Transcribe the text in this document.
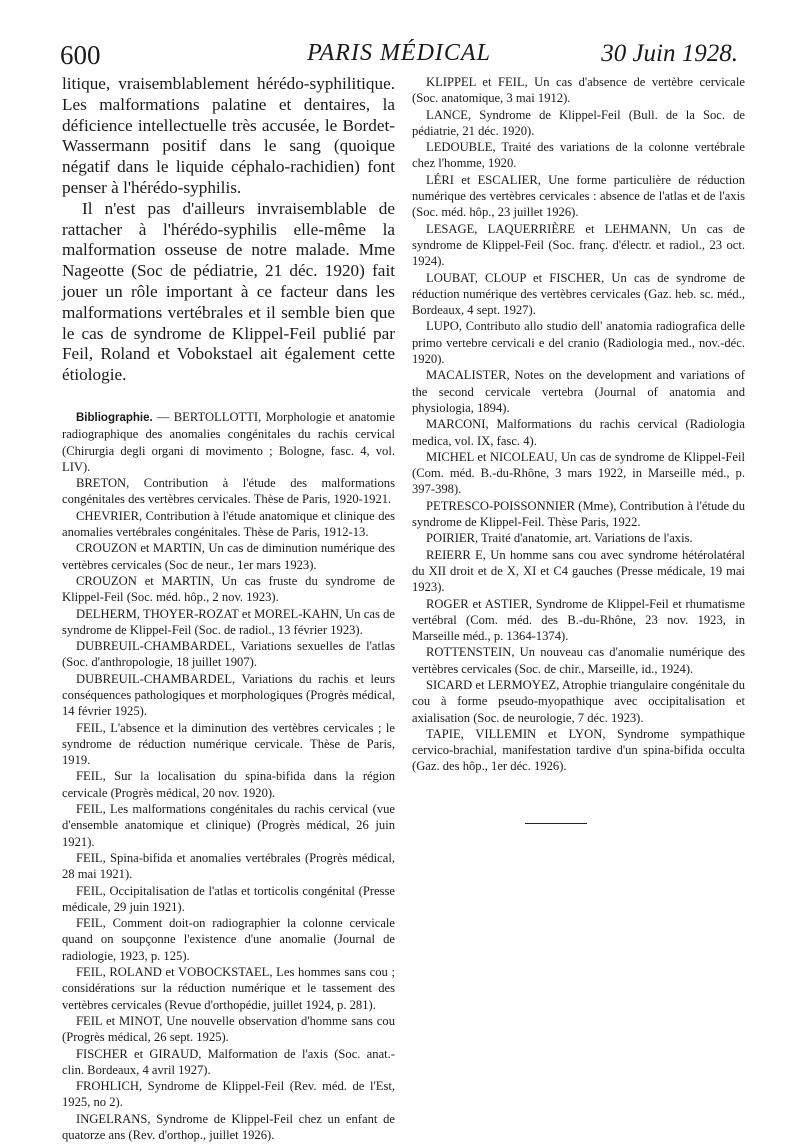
600	PARIS MÉDICAL	30 Juin 1928.

litique, vraisemblablement hérédo-syphilitique. Les malformations palatine et dentaires, la déficience intellectuelle très accusée, le Bordet-Wassermann positif dans le sang (quoique négatif dans le liquide céphalo-rachidien) font penser à l'hérédo-syphilis.

Il n'est pas d'ailleurs invraisemblable de rattacher à l'hérédo-syphilis elle-même la malformation osseuse de notre malade. Mme Nageotte (Soc de pédiatrie, 21 déc. 1920) fait jouer un rôle important à ce facteur dans les malformations vertébrales et il semble bien que le cas de syndrome de Klippel-Feil publié par Feil, Roland et Vobokstael ait également cette étiologie.

Bibliographie. — BERTOLLOTTI, Morphologie et anatomie radiographique des anomalies congénitales du rachis cervical (Chirurgia degli organi di movimento ; Bologne, fasc. 4, vol. LIV).

BRETON, Contribution à l'étude des malformations congénitales des vertèbres cervicales. Thèse de Paris, 1920-1921.

CHEVRIER, Contribution à l'étude anatomique et clinique des anomalies vertébrales congénitales. Thèse de Paris, 1912-13.

CROUZON et MARTIN, Un cas de diminution numérique des vertèbres cervicales (Soc de neur., 1er mars 1923).

CROUZON et MARTIN, Un cas fruste du syndrome de Klippel-Feil (Soc. méd. hôp., 2 nov. 1923).

DELHERM, THOYER-ROZAT et MOREL-KAHN, Un cas de syndrome de Klippel-Feil (Soc. de radiol., 13 février 1923).

DUBREUIL-CHAMBARDEL, Variations sexuelles de l'atlas (Soc. d'anthropologie, 18 juillet 1907).

DUBREUIL-CHAMBARDEL, Variations du rachis et leurs conséquences pathologiques et morphologiques (Progrès médical, 14 février 1925).

FEIL, L'absence et la diminution des vertèbres cervicales ; le syndrome de réduction numérique cervicale. Thèse de Paris, 1919.

FEIL, Sur la localisation du spina-bifida dans la région cervicale (Progrès médical, 20 nov. 1920).

FEIL, Les malformations congénitales du rachis cervical (vue d'ensemble anatomique et clinique) (Progrès médical, 26 juin 1921).

FEIL, Spina-bifida et anomalies vertébrales (Progrès médical, 28 mai 1921).

FEIL, Occipitalisation de l'atlas et torticolis congénital (Presse médicale, 29 juin 1921).

FEIL, Comment doit-on radiographier la colonne cervicale quand on soupçonne l'existence d'une anomalie (Journal de radiologie, 1923, p. 125).

FEIL, ROLAND et VOBOCKSTAEL, Les hommes sans cou ; considérations sur la réduction numérique et le tassement des vertèbres cervicales (Revue d'orthopédie, juillet 1924, p. 281).

FEIL et MINOT, Une nouvelle observation d'homme sans cou (Progrès médical, 26 sept. 1925).

FISCHER et GIRAUD, Malformation de l'axis (Soc. anat.-clin. Bordeaux, 4 avril 1927).

FROHLICH, Syndrome de Klippel-Feil (Rev. méd. de l'Est, 1925, no 2).

INGELRANS, Syndrome de Klippel-Feil chez un enfant de quatorze ans (Rev. d'orthop., juillet 1926).

KLIPPEL et FEIL, Un cas d'absence de vertèbre cervicale (Soc. anatomique, 3 mai 1912).

LANCE, Syndrome de Klippel-Feil (Bull. de la Soc. de pédiatrie, 21 déc. 1920).

LEDOUBLE, Traité des variations de la colonne vertébrale chez l'homme, 1920.

LÉRI et ESCALIER, Une forme particulière de réduction numérique des vertèbres cervicales : absence de l'atlas et de l'axis (Soc. méd. hôp., 23 juillet 1926).

LESAGE, LAQUERRIÈRE et LEHMANN, Un cas de syndrome de Klippel-Feil (Soc. franç. d'électr. et radiol., 23 oct. 1924).

LOUBAT, CLOUP et FISCHER, Un cas de syndrome de réduction numérique des vertèbres cervicales (Gaz. heb. sc. méd., Bordeaux, 4 sept. 1927).

LUPO, Contributo allo studio dell' anatomia radiografica delle primo vertebre cervicali e del cranio (Radiologia med., nov.-déc. 1920).

MACALISTER, Notes on the development and variations of the second cervicale vertebra (Journal of anatomia and physiologia, 1894).

MARCONI, Malformations du rachis cervical (Radiologia medica, vol. IX, fasc. 4).

MICHEL et NICOLEAU, Un cas de syndrome de Klippel-Feil (Com. méd. B.-du-Rhône, 3 mars 1922, in Marseille méd., p. 397-398).

PETRESCO-POISSONNIER (Mme), Contribution à l'étude du syndrome de Klippel-Feil. Thèse Paris, 1922.

POIRIER, Traité d'anatomie, art. Variations de l'axis.

REIERR E, Un homme sans cou avec syndrome hétérolatéral du XII droit et de X, XI et C4 gauches (Presse médicale, 19 mai 1923).

ROGER et ASTIER, Syndrome de Klippel-Feil et rhumatisme vertébral (Com. méd. des B.-du-Rhône, 23 nov. 1923, in Marseille méd., p. 1364-1374).

ROTTENSTEIN, Un nouveau cas d'anomalie numérique des vertèbres cervicales (Soc. de chir., Marseille, id., 1924).

SICARD et LERMOYEZ, Atrophie triangulaire congénitale du cou à forme pseudo-myopathique avec occipitalisation et axialisation (Soc. de neurologie, 7 déc. 1923).

TAPIE, VILLEMIN et LYON, Syndrome sympathique cervico-brachial, manifestation tardive d'un spina-bifida occulta (Gaz. des hôp., 1er déc. 1926).
